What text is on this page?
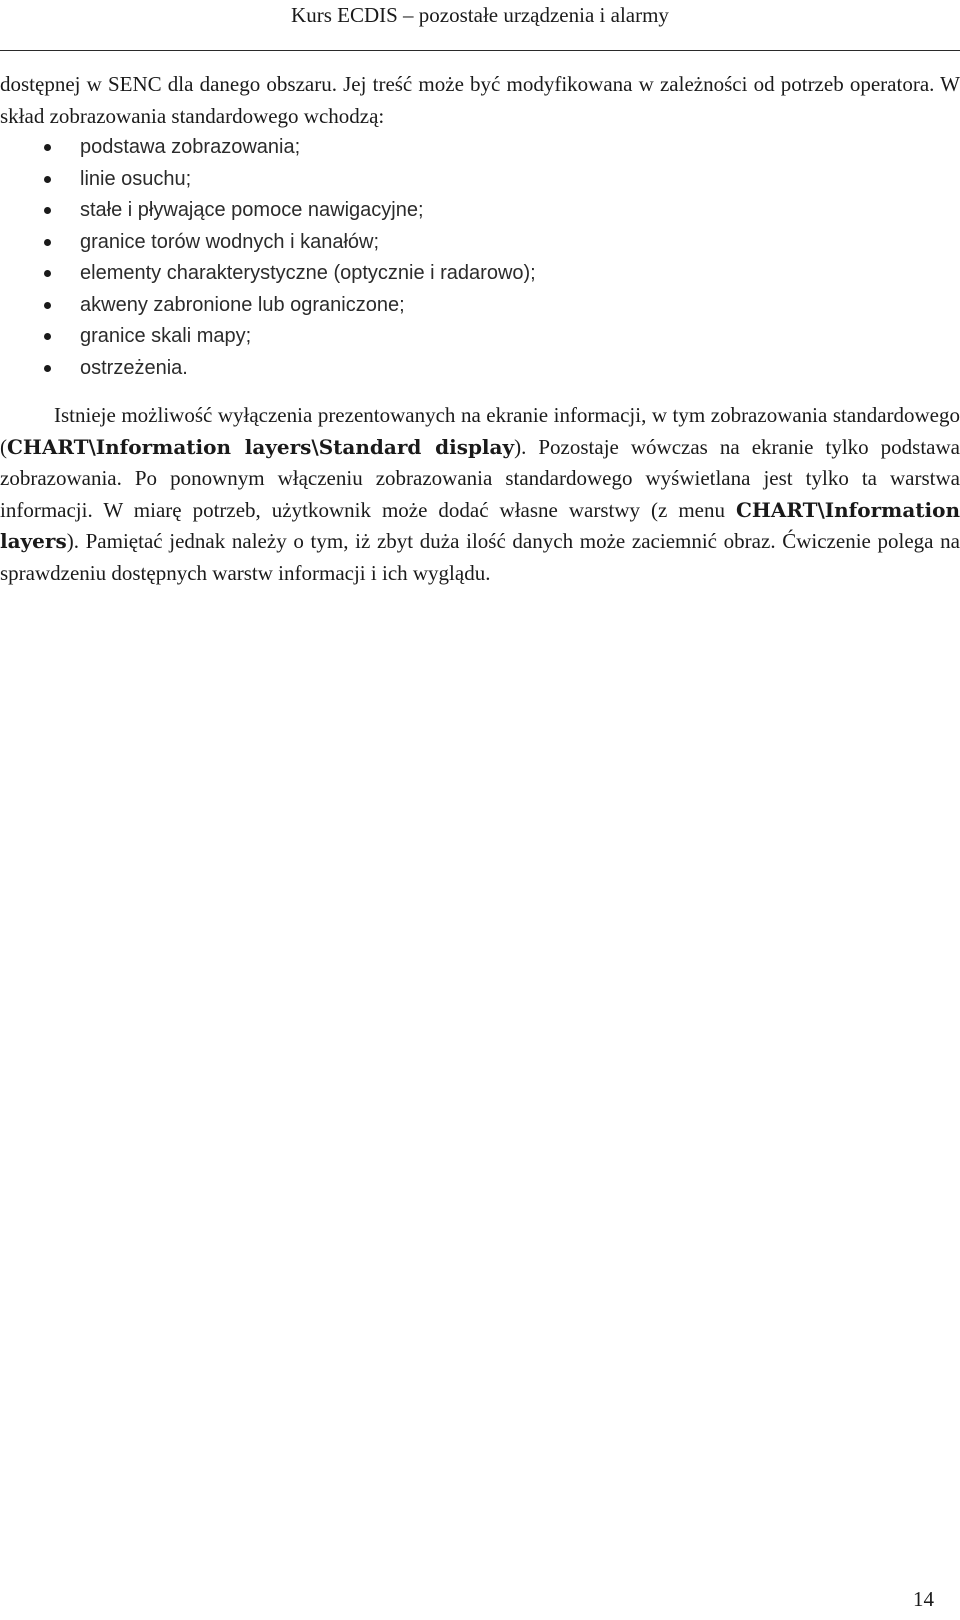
Kurs ECDIS – pozostałe urządzenia i alarmy

dostępnej w SENC dla danego obszaru. Jej treść może być modyfikowana w zależności od potrzeb operatora. W skład zobrazowania standardowego wchodzą:

podstawa zobrazowania;
linie osuchu;
stałe i pływające pomoce nawigacyjne;
granice torów wodnych i kanałów;
elementy charakterystyczne (optycznie i radarowo);
akweny zabronione lub ograniczone;
granice skali mapy;
ostrzeżenia.

Istnieje możliwość wyłączenia prezentowanych na ekranie informacji, w tym zobrazowania standardowego (CHART\Information layers\Standard display). Pozostaje wówczas na ekranie tylko podstawa zobrazowania. Po ponownym włączeniu zobrazowania standardowego wyświetlana jest tylko ta warstwa informacji. W miarę potrzeb, użytkownik może dodać własne warstwy (z menu CHART\Information layers). Pamiętać jednak należy o tym, iż zbyt duża ilość danych może zaciemnić obraz. Ćwiczenie polega na sprawdzeniu dostępnych warstw informacji i ich wyglądu.

14
